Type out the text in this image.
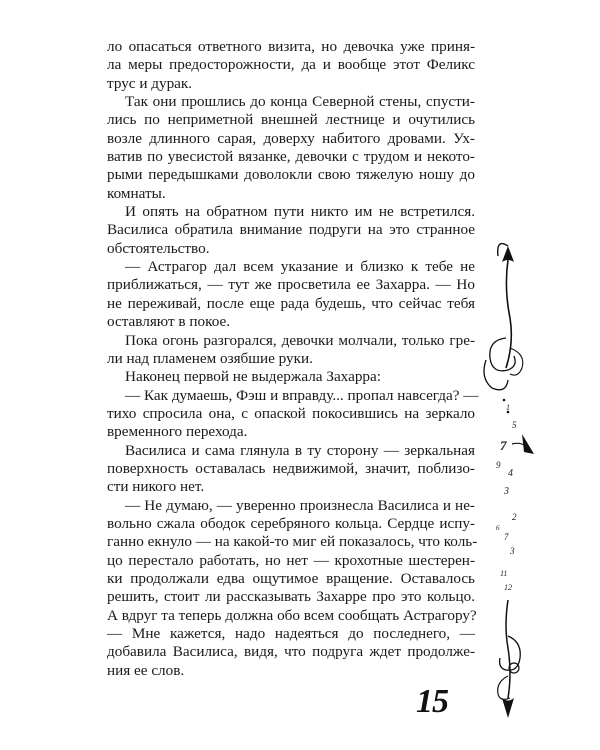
ло опасаться ответного визита, но девочка уже приня-
ла меры предосторожности, да и вообще этот Феликс
трус и дурак.
Так они прошлись до конца Северной стены, спусти-
лись по неприметной внешней лестнице и очутились
возле длинного сарая, доверху набитого дровами. Ух-
ватив по увесистой вязанке, девочки с трудом и некото-
рыми передышками доволокли свою тяжелую ношу до
комнаты.
И опять на обратном пути никто им не встретился.
Василиса обратила внимание подруги на это странное
обстоятельство.
— Астрагор дал всем указание и близко к тебе не
приближаться, — тут же просветила ее Захарра. — Но
не переживай, после еще рада будешь, что сейчас тебя
оставляют в покое.
Пока огонь разгорался, девочки молчали, только гре-
ли над пламенем озябшие руки.
Наконец первой не выдержала Захарра:
— Как думаешь, Фэш и вправду... пропал навсегда? —
тихо спросила она, с опаской покосившись на зеркало
временного перехода.
Василиса и сама глянула в ту сторону — зеркальная
поверхность оставалась недвижимой, значит, поблизо-
сти никого нет.
— Не думаю, — уверенно произнесла Василиса и не-
вольно сжала ободок серебряного кольца. Сердце испу-
ганно екнуло — на какой-то миг ей показалось, что коль-
цо перестало работать, но нет — крохотные шестерен-
ки продолжали едва ощутимое вращение. Оставалось
решить, стоит ли рассказывать Захарре про это кольцо.
А вдруг та теперь должна обо всем сообщать Астрагору?
— Мне кажется, надо надеяться до последнего, —
добавила Василиса, видя, что подруга ждет продолже-
ния ее слов.
15
1
5
7
9
4
3
2
7
3
11
12
6
